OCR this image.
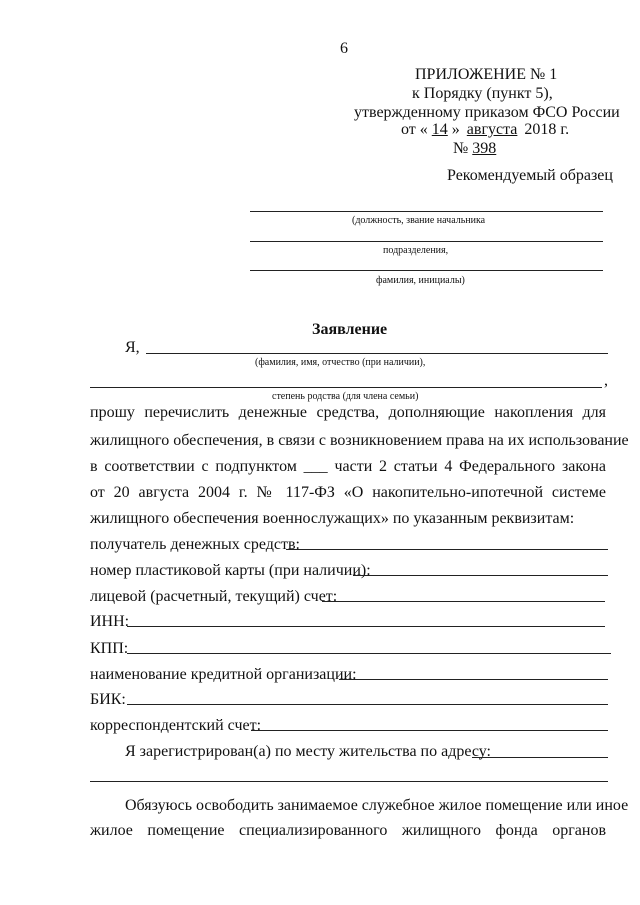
6
ПРИЛОЖЕНИЕ № 1
к Порядку (пункт 5),
утвержденному приказом ФСО России
от « 14 » августа 2018 г.
№ 398
Рекомендуемый образец
(должность, звание начальника
подразделения,
фамилия, инициалы)
Заявление
Я,
(фамилия, имя, отчество (при наличии),
,
степень родства (для члена семьи)
прошу перечислить денежные средства, дополняющие накопления для
жилищного обеспечения, в связи с возникновением права на их использование
в соответствии с подпунктом ___ части 2 статьи 4 Федерального закона
от 20 августа 2004 г. № 117-ФЗ «О накопительно-ипотечной системе
жилищного обеспечения военнослужащих» по указанным реквизитам:
получатель денежных средств:
номер пластиковой карты (при наличии):
лицевой (расчетный, текущий) счет:
ИНН:
КПП:
наименование кредитной организации:
БИК:
корреспондентский счет:
Я зарегистрирован(а) по месту жительства по адресу:
Обязуюсь освободить занимаемое служебное жилое помещение или иное
жилое помещение специализированного жилищного фонда органов
